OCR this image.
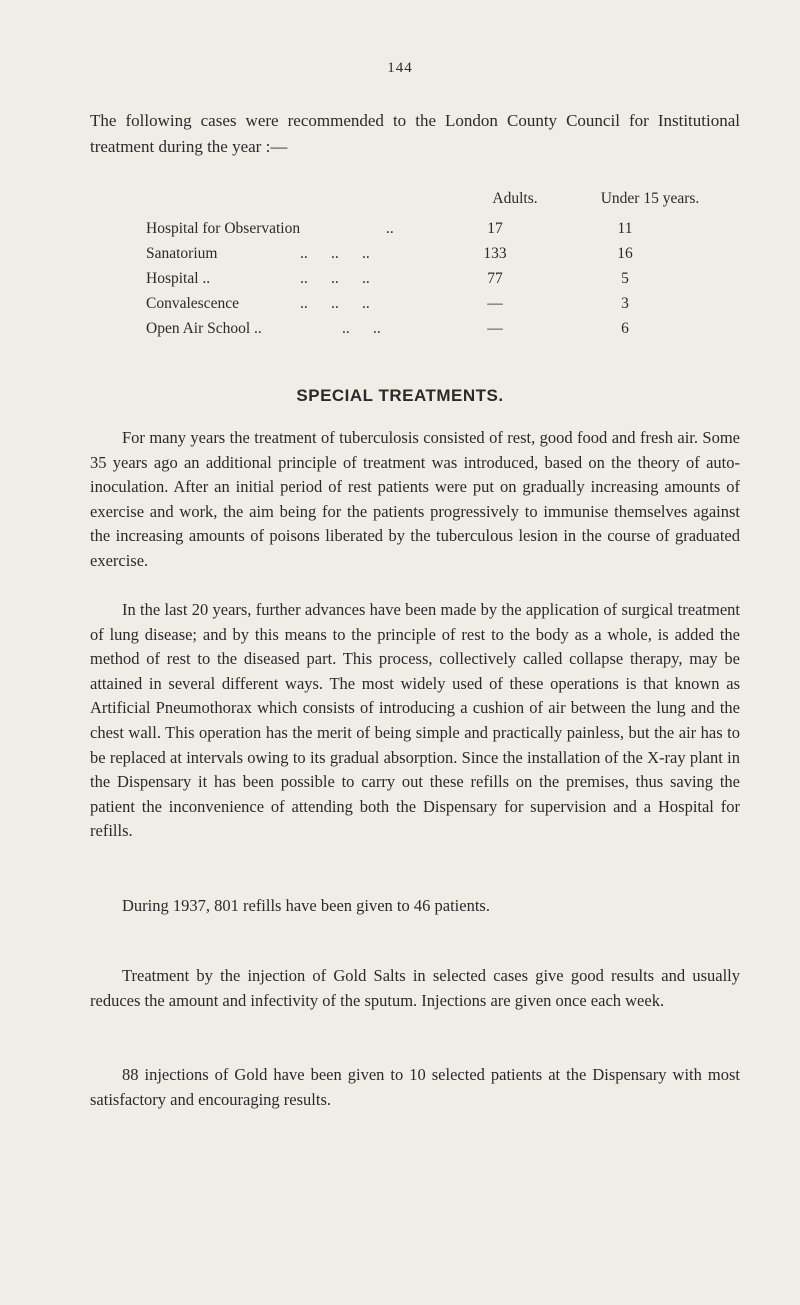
144
The following cases were recommended to the London County Council for Institutional treatment during the year :—
Adults.	Under 15 years.
Hospital for Observation	..	17	11
Sanatorium	..      ..      ..	133	16
Hospital ..	..      ..      ..	77	5
Convalescence	..      ..      ..	—	3
Open Air School ..	..      ..	—	6
SPECIAL TREATMENTS.
For many years the treatment of tuberculosis consisted of rest, good food and fresh air. Some 35 years ago an additional principle of treatment was introduced, based on the theory of auto-inoculation. After an initial period of rest patients were put on gradually increasing amounts of exercise and work, the aim being for the patients progressively to immunise themselves against the increasing amounts of poisons liberated by the tuberculous lesion in the course of graduated exercise.
In the last 20 years, further advances have been made by the application of surgical treatment of lung disease; and by this means to the principle of rest to the body as a whole, is added the method of rest to the diseased part. This process, collectively called collapse therapy, may be attained in several different ways. The most widely used of these operations is that known as Artificial Pneumothorax which consists of introducing a cushion of air between the lung and the chest wall. This operation has the merit of being simple and practically painless, but the air has to be replaced at intervals owing to its gradual absorption. Since the installation of the X-ray plant in the Dispensary it has been possible to carry out these refills on the premises, thus saving the patient the inconvenience of attending both the Dispensary for supervision and a Hospital for refills.
During 1937, 801 refills have been given to 46 patients.
Treatment by the injection of Gold Salts in selected cases give good results and usually reduces the amount and infectivity of the sputum. Injections are given once each week.
88 injections of Gold have been given to 10 selected patients at the Dispensary with most satisfactory and encouraging results.
